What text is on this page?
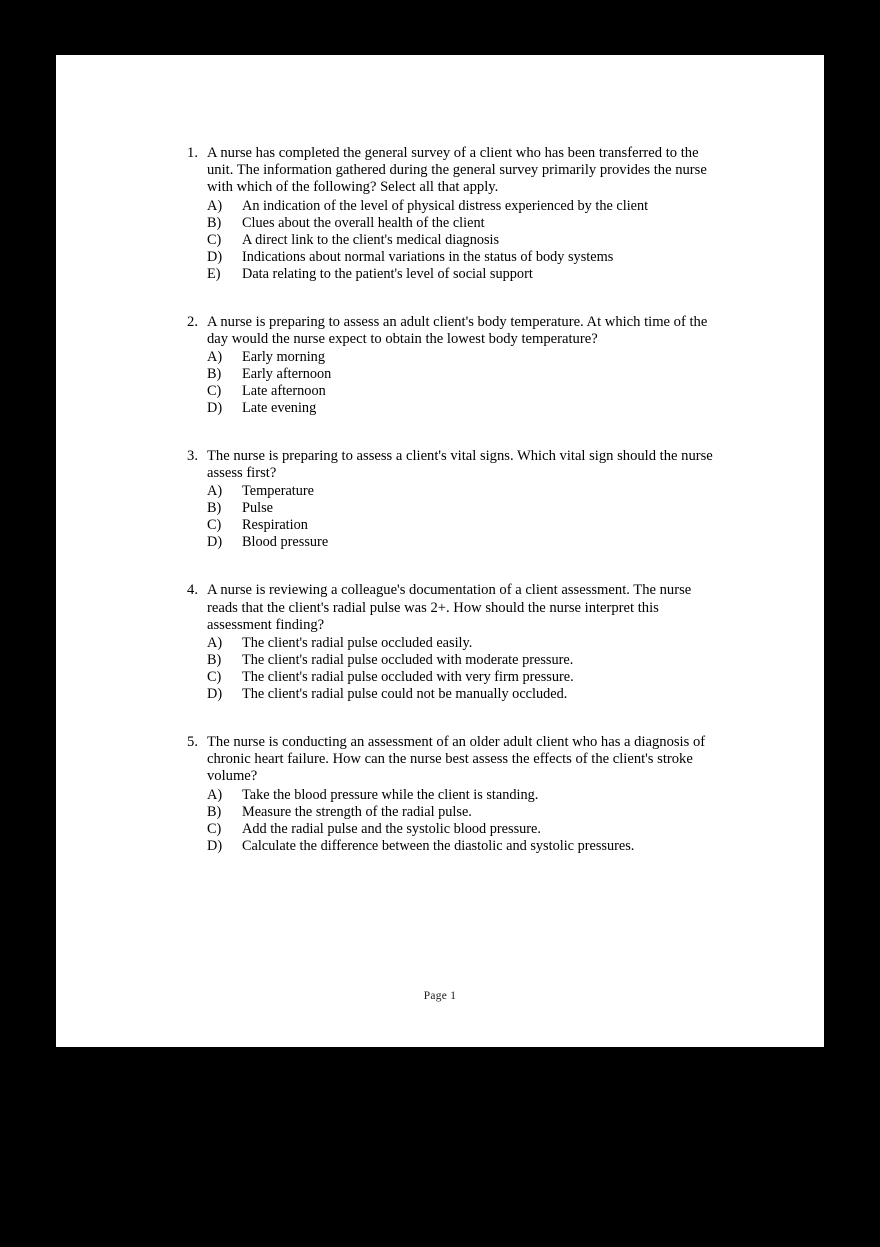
1. A nurse has completed the general survey of a client who has been transferred to the unit. The information gathered during the general survey primarily provides the nurse with which of the following? Select all that apply.
A)	An indication of the level of physical distress experienced by the client
B)	Clues about the overall health of the client
C)	A direct link to the client's medical diagnosis
D)	Indications about normal variations in the status of body systems
E)	Data relating to the patient's level of social support
2. A nurse is preparing to assess an adult client's body temperature. At which time of the day would the nurse expect to obtain the lowest body temperature?
A)	Early morning
B)	Early afternoon
C)	Late afternoon
D)	Late evening
3. The nurse is preparing to assess a client's vital signs. Which vital sign should the nurse assess first?
A)	Temperature
B)	Pulse
C)	Respiration
D)	Blood pressure
4. A nurse is reviewing a colleague's documentation of a client assessment. The nurse reads that the client's radial pulse was 2+. How should the nurse interpret this assessment finding?
A)	The client's radial pulse occluded easily.
B)	The client's radial pulse occluded with moderate pressure.
C)	The client's radial pulse occluded with very firm pressure.
D)	The client's radial pulse could not be manually occluded.
5. The nurse is conducting an assessment of an older adult client who has a diagnosis of chronic heart failure. How can the nurse best assess the effects of the client's stroke volume?
A)	Take the blood pressure while the client is standing.
B)	Measure the strength of the radial pulse.
C)	Add the radial pulse and the systolic blood pressure.
D)	Calculate the difference between the diastolic and systolic pressures.
Page 1
